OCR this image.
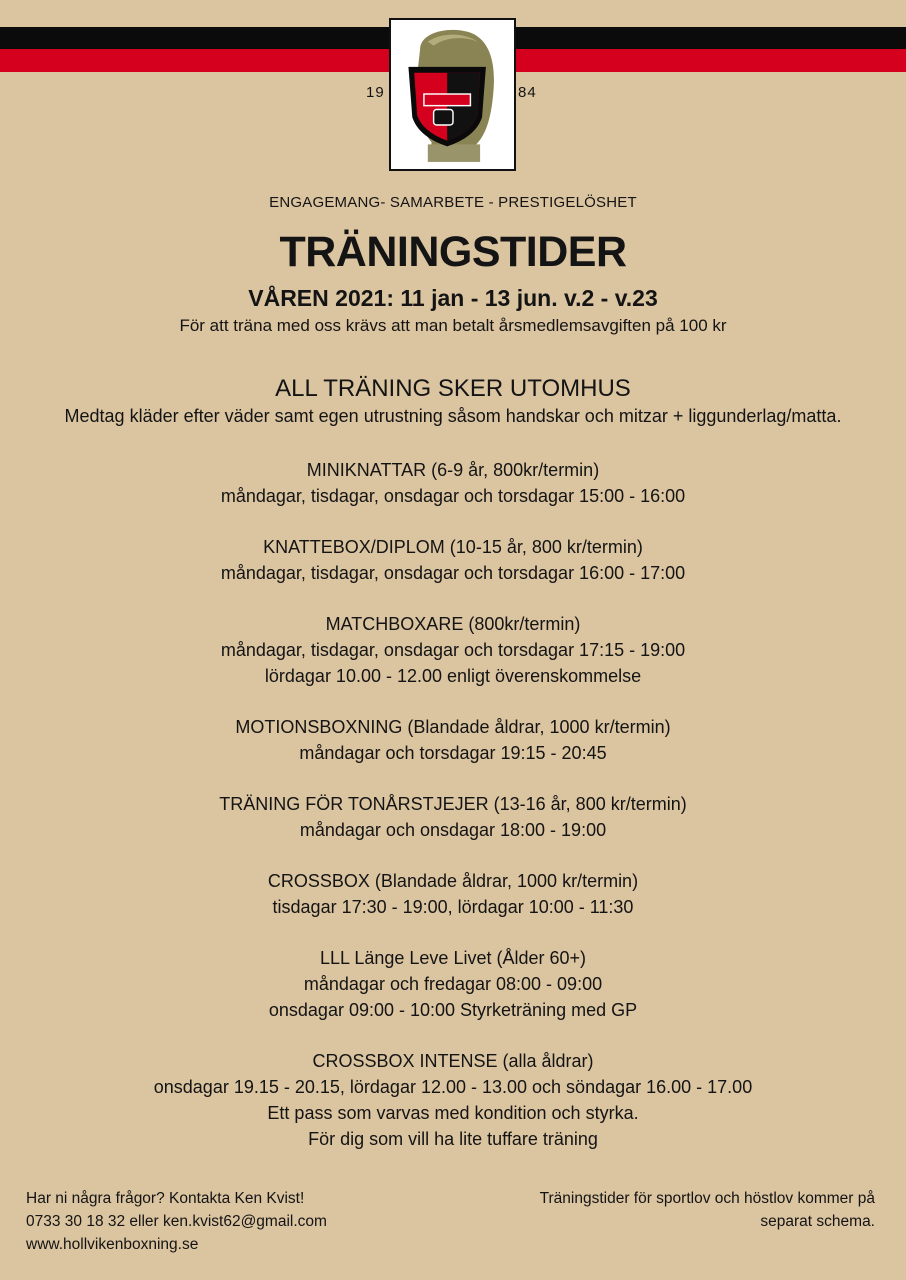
19	84
ENGAGEMANG- SAMARBETE - PRESTIGELÖSHET
TRÄNINGSTIDER
VÅREN 2021: 11 jan - 13 jun. v.2 - v.23
För att träna med oss krävs att man betalt årsmedlemsavgiften på 100 kr
ALL TRÄNING SKER UTOMHUS
Medtag kläder efter väder samt egen utrustning såsom handskar och mitzar + liggunderlag/matta.
MINIKNATTAR (6-9 år, 800kr/termin)
måndagar, tisdagar, onsdagar och torsdagar 15:00 - 16:00
KNATTEBOX/DIPLOM (10-15 år, 800 kr/termin)
måndagar, tisdagar, onsdagar och torsdagar 16:00 - 17:00
MATCHBOXARE (800kr/termin)
måndagar, tisdagar, onsdagar och torsdagar 17:15 - 19:00
lördagar 10.00 - 12.00 enligt överenskommelse
MOTIONSBOXNING (Blandade åldrar, 1000 kr/termin)
måndagar och torsdagar 19:15 - 20:45
TRÄNING FÖR TONÅRSTJEJER (13-16 år, 800 kr/termin)
måndagar och onsdagar 18:00 - 19:00
CROSSBOX (Blandade åldrar, 1000 kr/termin)
tisdagar 17:30 - 19:00, lördagar 10:00 - 11:30
LLL Länge Leve Livet (Ålder 60+)
måndagar och fredagar 08:00 - 09:00
onsdagar 09:00 - 10:00 Styrketräning med GP
CROSSBOX INTENSE (alla åldrar)
onsdagar 19.15 - 20.15, lördagar 12.00 - 13.00 och söndagar 16.00 - 17.00
Ett pass som varvas med kondition och styrka.
För dig som vill ha lite tuffare träning
Har ni några frågor? Kontakta Ken Kvist!
0733 30 18 32 eller ken.kvist62@gmail.com
www.hollvikenboxning.se
Träningstider för sportlov och höstlov kommer på
separat schema.
